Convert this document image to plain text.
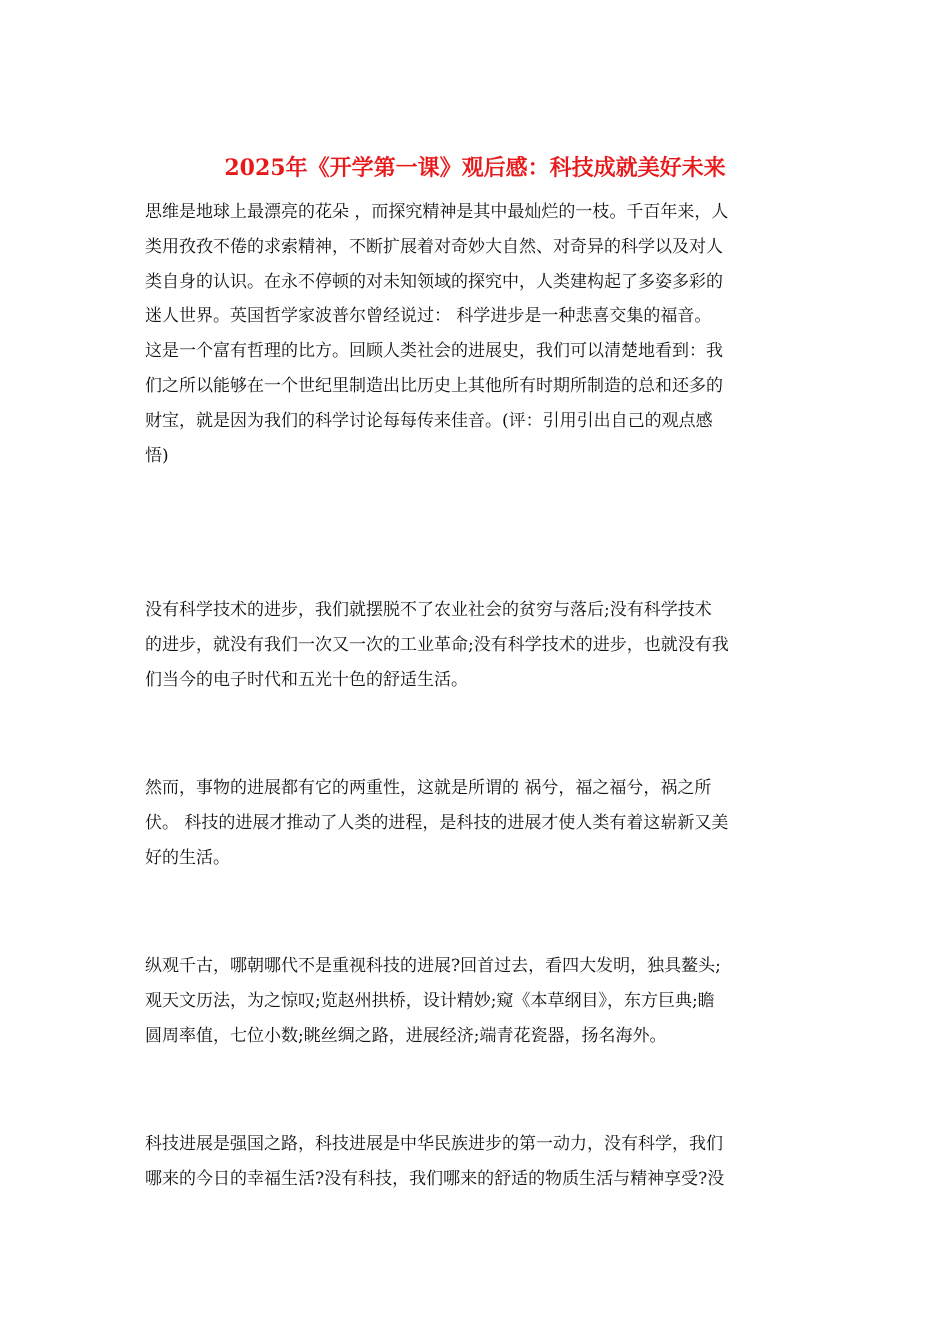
2025年《开学第一课》观后感：科技成就美好未来
思维是地球上最漂亮的花朵 ，而探究精神是其中最灿烂的一枝。千百年来，人
类用孜孜不倦的求索精神，不断扩展着对奇妙大自然、对奇异的科学以及对人
类自身的认识。在永不停顿的对未知领域的探究中，人类建构起了多姿多彩的
迷人世界。英国哲学家波普尔曾经说过： 科学进步是一种悲喜交集的福音。
这是一个富有哲理的比方。回顾人类社会的进展史，我们可以清楚地看到：我
们之所以能够在一个世纪里制造出比历史上其他所有时期所制造的总和还多的
财宝，就是因为我们的科学讨论每每传来佳音。(评：引用引出自己的观点感
悟)
没有科学技术的进步，我们就摆脱不了农业社会的贫穷与落后;没有科学技术
的进步，就没有我们一次又一次的工业革命;没有科学技术的进步，也就没有我
们当今的电子时代和五光十色的舒适生活。
然而，事物的进展都有它的两重性，这就是所谓的 祸兮，福之福兮，祸之所
伏。 科技的进展才推动了人类的进程，是科技的进展才使人类有着这崭新又美
好的生活。
纵观千古，哪朝哪代不是重视科技的进展?回首过去，看四大发明，独具鳌头;
观天文历法，为之惊叹;览赵州拱桥，设计精妙;窥《本草纲目》，东方巨典;瞻
圆周率值，七位小数;眺丝绸之路，进展经济;端青花瓷器，扬名海外。
科技进展是强国之路，科技进展是中华民族进步的第一动力，没有科学，我们
哪来的今日的幸福生活?没有科技，我们哪来的舒适的物质生活与精神享受?没
